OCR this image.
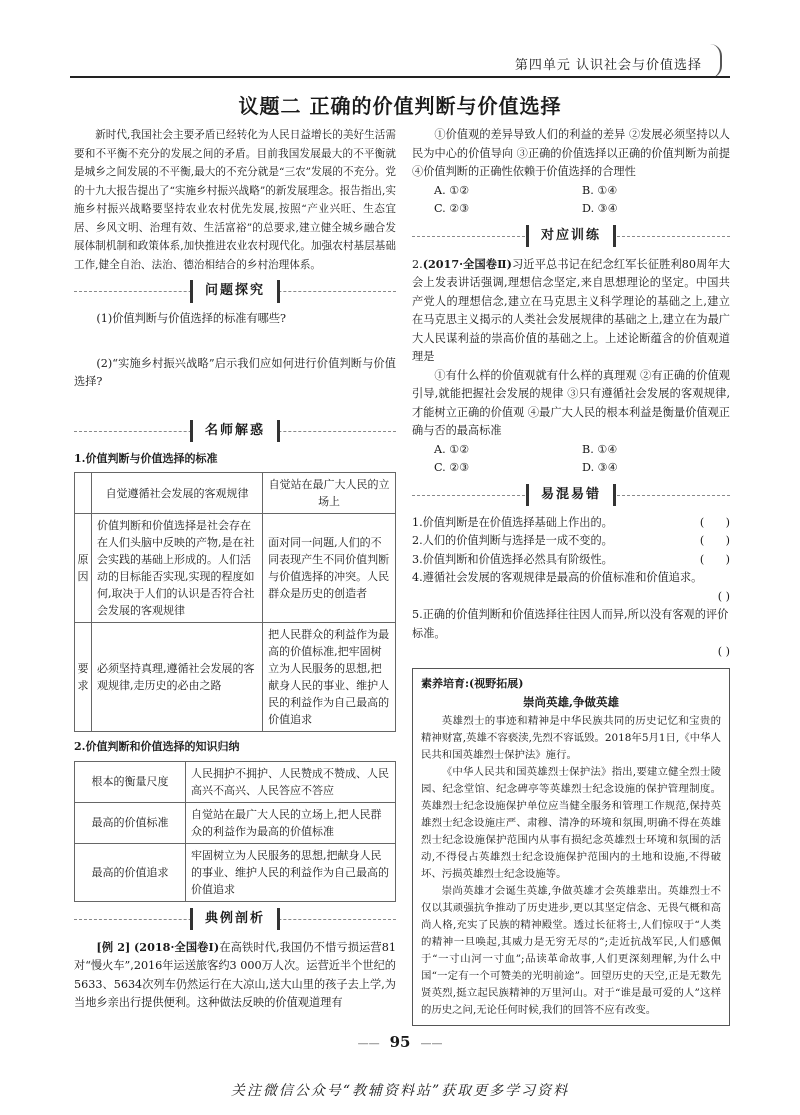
第四单元 认识社会与价值选择
议题二 正确的价值判断与价值选择

新时代,我国社会主要矛盾已经转化为人民日益增长的美好生活需要和不平衡不充分的发展之间的矛盾。目前我国发展最大的不平衡就是城乡之间发展的不平衡,最大的不充分就是“三农”发展的不充分。党的十九大报告提出了“实施乡村振兴战略”的新发展理念。报告指出,实施乡村振兴战略要坚持农业农村优先发展,按照“产业兴旺、生态宜居、乡风文明、治理有效、生活富裕”的总要求,建立健全城乡融合发展体制机制和政策体系,加快推进农业农村现代化。加强农村基层基础工作,健全自治、法治、德治相结合的乡村治理体系。

问题探究

(1)价值判断与价值选择的标准有哪些?

(2)“实施乡村振兴战略”启示我们应如何进行价值判断与价值选择?

名师解惑
1.价值判断与价值选择的标准
	自觉遵循社会发展的客观规律	自觉站在最广大人民的立场上
原因	价值判断和价值选择是社会存在在人们头脑中反映的产物,是在社会实践的基础上形成的。人们活动的目标能否实现,实现的程度如何,取决于人们的认识是否符合社会发展的客观规律	面对同一问题,人们的不同表现产生不同价值判断与价值选择的冲突。人民群众是历史的创造者
要求	必须坚持真理,遵循社会发展的客观规律,走历史的必由之路	把人民群众的利益作为最高的价值标准,把牢固树立为人民服务的思想,把献身人民的事业、维护人民的利益作为自己最高的价值追求
2.价值判断和价值选择的知识归纳
根本的衡量尺度	人民拥护不拥护、人民赞成不赞成、人民高兴不高兴、人民答应不答应
最高的价值标准	自觉站在最广大人民的立场上,把人民群众的利益作为最高的价值标准
最高的价值追求	牢固树立为人民服务的思想,把献身人民的事业、维护人民的利益作为自己最高的价值追求
典例剖析

[例 2] (2018·全国卷Ⅰ)在高铁时代,我国仍不惜亏损运营81对“慢火车”,2016年运送旅客约3 000万人次。运营近半个世纪的5633、5634次列车仍然运行在大凉山,送大山里的孩子去上学,为当地乡亲出行提供便利。这种做法反映的价值观道理有

①价值观的差异导致人们的利益的差异 ②发展必须坚持以人民为中心的价值导向 ③正确的价值选择以正确的价值判断为前提 ④价值判断的正确性依赖于价值选择的合理性

A. ①②	B. ①④
C. ②③	D. ③④
对应训练

2.(2017·全国卷Ⅱ)习近平总书记在纪念红军长征胜利80周年大会上发表讲话强调,理想信念坚定,来自思想理论的坚定。中国共产党人的理想信念,建立在马克思主义科学理论的基础之上,建立在马克思主义揭示的人类社会发展规律的基础之上,建立在为最广大人民谋利益的崇高价值的基础之上。上述论断蕴含的价值观道理是

①有什么样的价值观就有什么样的真理观 ②有正确的价值观引导,就能把握社会发展的规律 ③只有遵循社会发展的客观规律,才能树立正确的价值观 ④最广大人民的根本利益是衡量价值观正确与否的最高标准

A. ①②	B. ①④
C. ②③	D. ③④
易混易错
1.价值判断是在价值选择基础上作出的。	(      )
2.人们的价值判断与选择是一成不变的。	(      )
3.价值判断和价值选择必然具有阶级性。	(      )
4.遵循社会发展的客观规律是最高的价值标准和价值追求。
( )
5.正确的价值判断和价值选择往往因人而异,所以没有客观的评价标准。
( )
素养培育:(视野拓展)
崇尚英雄,争做英雄

英雄烈士的事迹和精神是中华民族共同的历史记忆和宝贵的精神财富,英雄不容亵渎,先烈不容诋毁。2018年5月1日,《中华人民共和国英雄烈士保护法》施行。

《中华人民共和国英雄烈士保护法》指出,要建立健全烈士陵园、纪念堂馆、纪念碑亭等英雄烈士纪念设施的保护管理制度。英雄烈士纪念设施保护单位应当健全服务和管理工作规范,保持英雄烈士纪念设施庄严、肃穆、清净的环境和氛围,明确不得在英雄烈士纪念设施保护范围内从事有损纪念英雄烈士环境和氛围的活动,不得侵占英雄烈士纪念设施保护范围内的土地和设施,不得破坏、污损英雄烈士纪念设施等。

崇尚英雄才会诞生英雄,争做英雄才会英雄辈出。英雄烈士不仅以其顽强抗争推动了历史进步,更以其坚定信念、无畏气概和高尚人格,充实了民族的精神殿堂。透过长征将士,人们惊叹于“人类的精神一旦唤起,其威力是无穷无尽的”;走近抗战军民,人们感佩于“一寸山河一寸血”;品读革命故事,人们更深刻理解,为什么中国“一定有一个可赞美的光明前途”。回望历史的天空,正是无数先贤英烈,挺立起民族精神的万里河山。对于“谁是最可爱的人”这样的历史之问,无论任何时候,我们的回答不应有改变。

—— 95 ——
关注微信公众号“教辅资料站”获取更多学习资料
